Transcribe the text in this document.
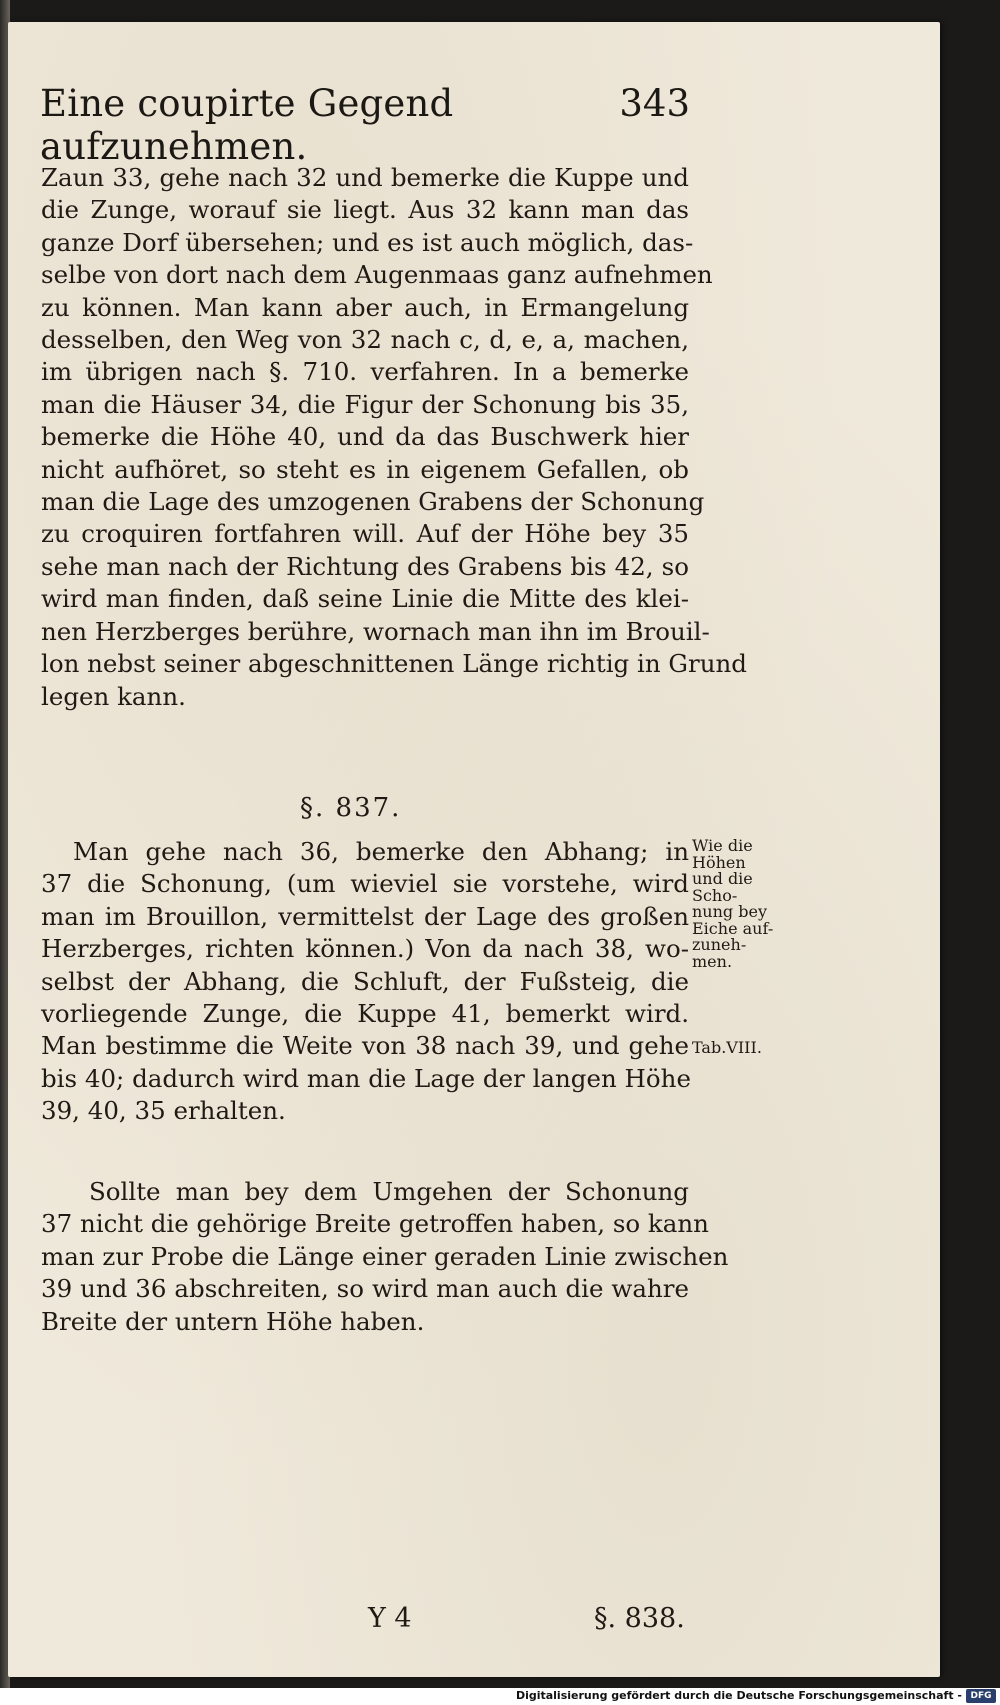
Eine coupirte Gegend aufzunehmen.
343
Zaun 33, gehe nach 32 und bemerke die Kuppe und
die Zunge, worauf sie liegt. Aus 32 kann man das
ganze Dorf übersehen; und es ist auch möglich, das-
selbe von dort nach dem Augenmaas ganz aufnehmen
zu können. Man kann aber auch, in Ermangelung
desselben, den Weg von 32 nach c, d, e, a, machen,
im übrigen nach §. 710. verfahren. In a bemerke
man die Häuser 34, die Figur der Schonung bis 35,
bemerke die Höhe 40, und da das Buschwerk hier
nicht aufhöret, so steht es in eigenem Gefallen, ob
man die Lage des umzogenen Grabens der Schonung
zu croquiren fortfahren will. Auf der Höhe bey 35
sehe man nach der Richtung des Grabens bis 42, so
wird man finden, daß seine Linie die Mitte des klei-
nen Herzberges berühre, wornach man ihn im Brouil-
lon nebst seiner abgeschnittenen Länge richtig in Grund
legen kann.
§. 837.
Man gehe nach 36, bemerke den Abhang; in
37 die Schonung, (um wieviel sie vorstehe, wird
man im Brouillon, vermittelst der Lage des großen
Herzberges, richten können.) Von da nach 38, wo-
selbst der Abhang, die Schluft, der Fußsteig, die
vorliegende Zunge, die Kuppe 41, bemerkt wird.
Man bestimme die Weite von 38 nach 39, und gehe
bis 40; dadurch wird man die Lage der langen Höhe
39, 40, 35 erhalten.
Wie die
Höhen
und die
Scho-
nung bey
Eiche auf-
zuneh-
men.
Tab.VIII.
Sollte man bey dem Umgehen der Schonung
37 nicht die gehörige Breite getroffen haben, so kann
man zur Probe die Länge einer geraden Linie zwischen
39 und 36 abschreiten, so wird man auch die wahre
Breite der untern Höhe haben.
Y 4	§. 838.
Digitalisierung gefördert durch die Deutsche Forschungsgemeinschaft - DFG
